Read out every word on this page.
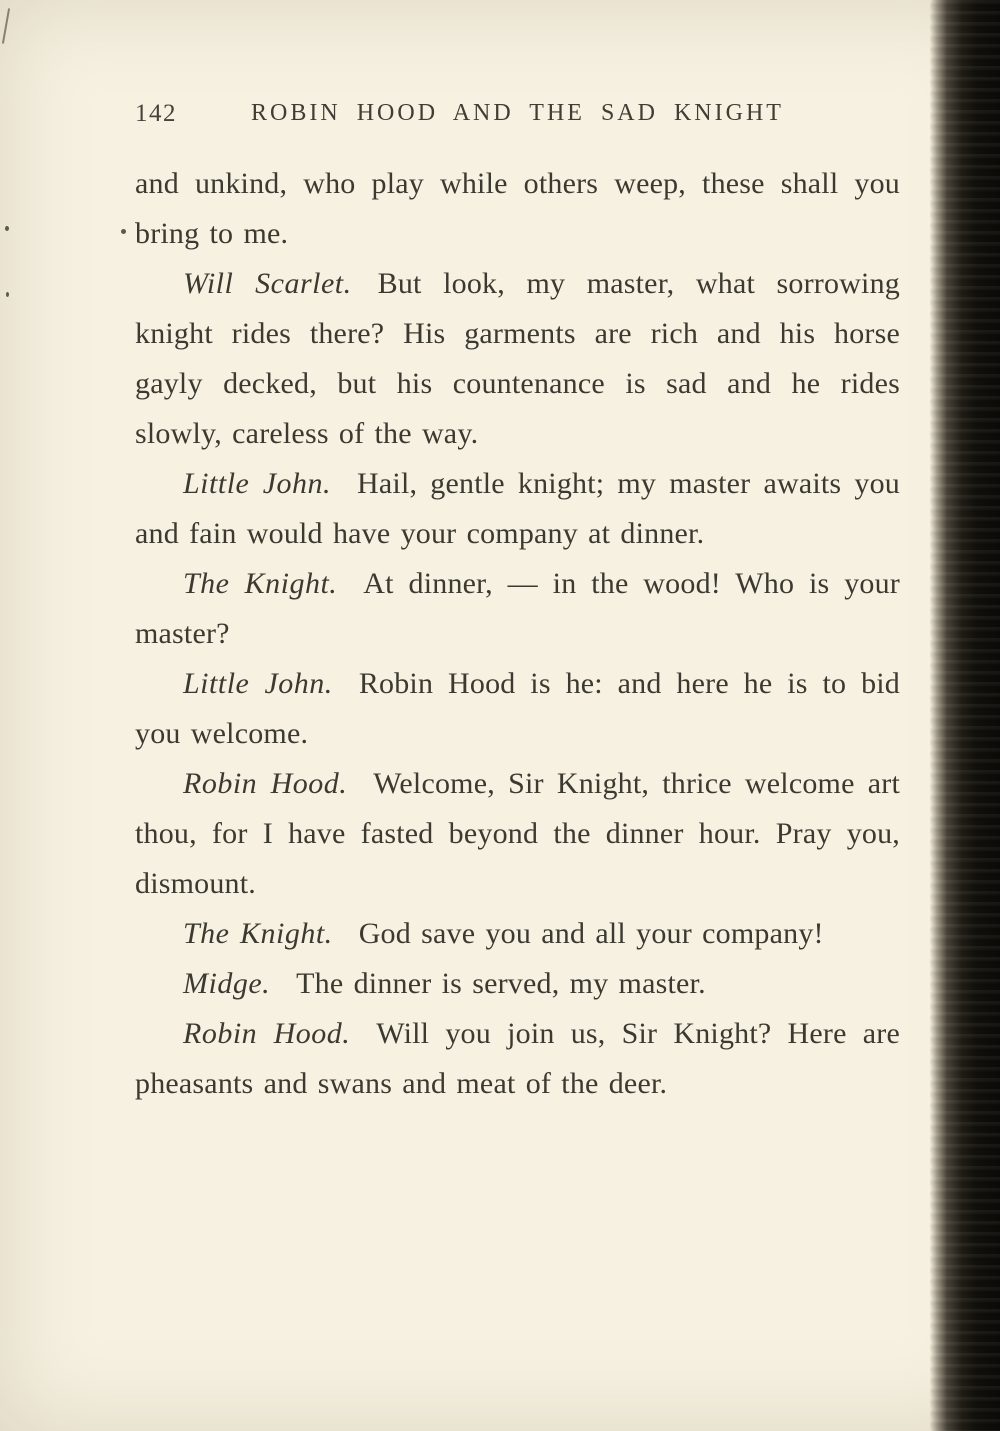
142	ROBIN HOOD AND THE SAD KNIGHT

and unkind, who play while others weep, these shall you bring to me.

Will Scarlet. But look, my master, what sorrowing knight rides there? His garments are rich and his horse gayly decked, but his countenance is sad and he rides slowly, careless of the way.

Little John. Hail, gentle knight; my master awaits you and fain would have your company at dinner.

The Knight. At dinner, — in the wood! Who is your master?

Little John. Robin Hood is he: and here he is to bid you welcome.

Robin Hood. Welcome, Sir Knight, thrice welcome art thou, for I have fasted beyond the dinner hour. Pray you, dismount.

The Knight. God save you and all your company!

Midge. The dinner is served, my master.

Robin Hood. Will you join us, Sir Knight? Here are pheasants and swans and meat of the deer.
